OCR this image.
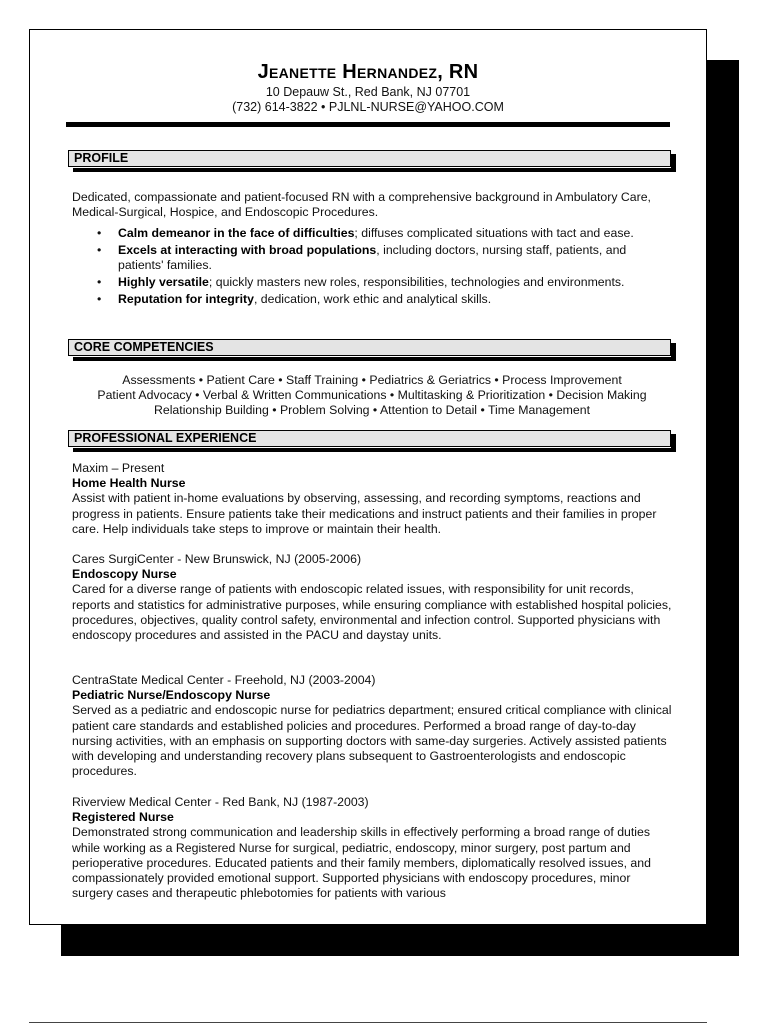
Jeanette Hernandez, RN
10 Depauw St., Red Bank, NJ 07701
(732) 614-3822 • PJLNL-NURSE@YAHOO.COM
PROFILE
Dedicated, compassionate and patient-focused RN with a comprehensive background in Ambulatory Care, Medical-Surgical, Hospice, and Endoscopic Procedures.
• Calm demeanor in the face of difficulties; diffuses complicated situations with tact and ease.
• Excels at interacting with broad populations, including doctors, nursing staff, patients, and patients' families.
• Highly versatile; quickly masters new roles, responsibilities, technologies and environments.
• Reputation for integrity, dedication, work ethic and analytical skills.
CORE COMPETENCIES
Assessments • Patient Care • Staff Training • Pediatrics & Geriatrics • Process Improvement
Patient Advocacy • Verbal & Written Communications • Multitasking & Prioritization • Decision Making
Relationship Building • Problem Solving • Attention to Detail • Time Management
PROFESSIONAL EXPERIENCE
Maxim – Present
Home Health Nurse
Assist with patient in-home evaluations by observing, assessing, and recording symptoms, reactions and progress in patients. Ensure patients take their medications and instruct patients and their families in proper care. Help individuals take steps to improve or maintain their health.
Cares SurgiCenter - New Brunswick, NJ (2005-2006)
Endoscopy Nurse
Cared for a diverse range of patients with endoscopic related issues, with responsibility for unit records, reports and statistics for administrative purposes, while ensuring compliance with established hospital policies, procedures, objectives, quality control safety, environmental and infection control. Supported physicians with endoscopy procedures and assisted in the PACU and daystay units.
CentraState Medical Center - Freehold, NJ (2003-2004)
Pediatric Nurse/Endoscopy Nurse
Served as a pediatric and endoscopic nurse for pediatrics department; ensured critical compliance with clinical patient care standards and established policies and procedures. Performed a broad range of day-to-day nursing activities, with an emphasis on supporting doctors with same-day surgeries. Actively assisted patients with developing and understanding recovery plans subsequent to Gastroenterologists and endoscopic procedures.
Riverview Medical Center - Red Bank, NJ (1987-2003)
Registered Nurse
Demonstrated strong communication and leadership skills in effectively performing a broad range of duties while working as a Registered Nurse for surgical, pediatric, endoscopy, minor surgery, post partum and perioperative procedures. Educated patients and their family members, diplomatically resolved issues, and compassionately provided emotional support. Supported physicians with endoscopy procedures, minor surgery cases and therapeutic phlebotomies for patients with various
